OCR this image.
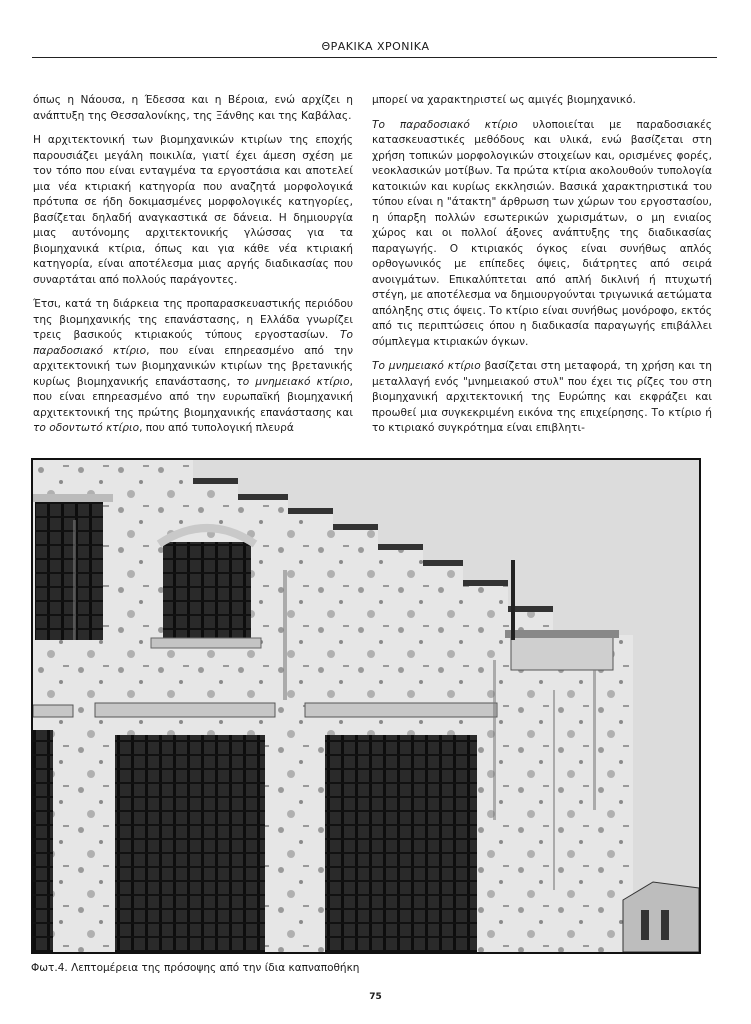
ΘΡΑΚΙΚΑ ΧΡΟΝΙΚΑ

όπως η Νάουσα, η Έδεσσα και η Βέροια, ενώ αρχίζει η ανάπτυξη της Θεσσαλονίκης, της Ξάνθης και της Καβάλας.

Η αρχιτεκτονική των βιομηχανικών κτιρίων της εποχής παρουσιάζει μεγάλη ποικιλία, γιατί έχει άμεση σχέση με τον τόπο που είναι ενταγμένα τα εργοστάσια και αποτελεί μια νέα κτιριακή κατηγορία που αναζητά μορφολογικά πρότυπα σε ήδη δοκιμασμένες μορφολογικές κατηγορίες, βασίζεται δηλαδή αναγκαστικά σε δάνεια. Η δημιουργία μιας αυτόνομης αρχιτεκτονικής γλώσσας για τα βιομηχανικά κτίρια, όπως και για κάθε νέα κτιριακή κατηγορία, είναι αποτέλεσμα μιας αργής διαδικασίας που συναρτάται από πολλούς παράγοντες.

Έτσι, κατά τη διάρκεια της προπαρασκευαστικής περιόδου της βιομηχανικής της επανάστασης, η Ελλάδα γνωρίζει τρεις βασικούς κτιριακούς τύπους εργοστασίων. Το παραδοσιακό κτίριο, που είναι επηρεασμένο από την αρχιτεκτονική των βιομηχανικών κτιρίων της βρετανικής κυρίως βιομηχανικής επανάστασης, το μνημειακό κτίριο, που είναι επηρεασμένο από την ευρωπαϊκή βιομηχανική αρχιτεκτονική της πρώτης βιομηχανικής επανάστασης και το οδοντωτό κτίριο, που από τυπολογική πλευρά

μπορεί να χαρακτηριστεί ως αμιγές βιομηχανικό.

Το παραδοσιακό κτίριο υλοποιείται με παραδοσιακές κατασκευαστικές μεθόδους και υλικά, ενώ βασίζεται στη χρήση τοπικών μορφολογικών στοιχείων και, ορισμένες φορές, νεοκλασικών μοτίβων. Τα πρώτα κτίρια ακολουθούν τυπολογία κατοικιών και κυρίως εκκλησιών. Βασικά χαρακτηριστικά του τύπου είναι η "άτακτη" άρθρωση των χώρων του εργοστασίου, η ύπαρξη πολλών εσωτερικών χωρισμάτων, ο μη ενιαίος χώρος και οι πολλοί άξονες ανάπτυξης της διαδικασίας παραγωγής. Ο κτιριακός όγκος είναι συνήθως απλός ορθογωνικός με επίπεδες όψεις, διάτρητες από σειρά ανοιγμάτων. Επικαλύπτεται από απλή δικλινή ή πτυχωτή στέγη, με αποτέλεσμα να δημιουργούνται τριγωνικά αετώματα απόληξης στις όψεις. Το κτίριο είναι συνήθως μονόροφο, εκτός από τις περιπτώσεις όπου η διαδικασία παραγωγής επιβάλλει σύμπλεγμα κτιριακών όγκων.

Το μνημειακό κτίριο βασίζεται στη μεταφορά, τη χρήση και τη μεταλλαγή ενός "μνημειακού στυλ" που έχει τις ρίζες του στη βιομηχανική αρχιτεκτονική της Ευρώπης και εκφράζει και προωθεί μια συγκεκριμένη εικόνα της επιχείρησης. Το κτίριο ή το κτιριακό συγκρότημα είναι επιβλητι-

Φωτ.4. Λεπτομέρεια της πρόσοψης από την ίδια καπναποθήκη
75
